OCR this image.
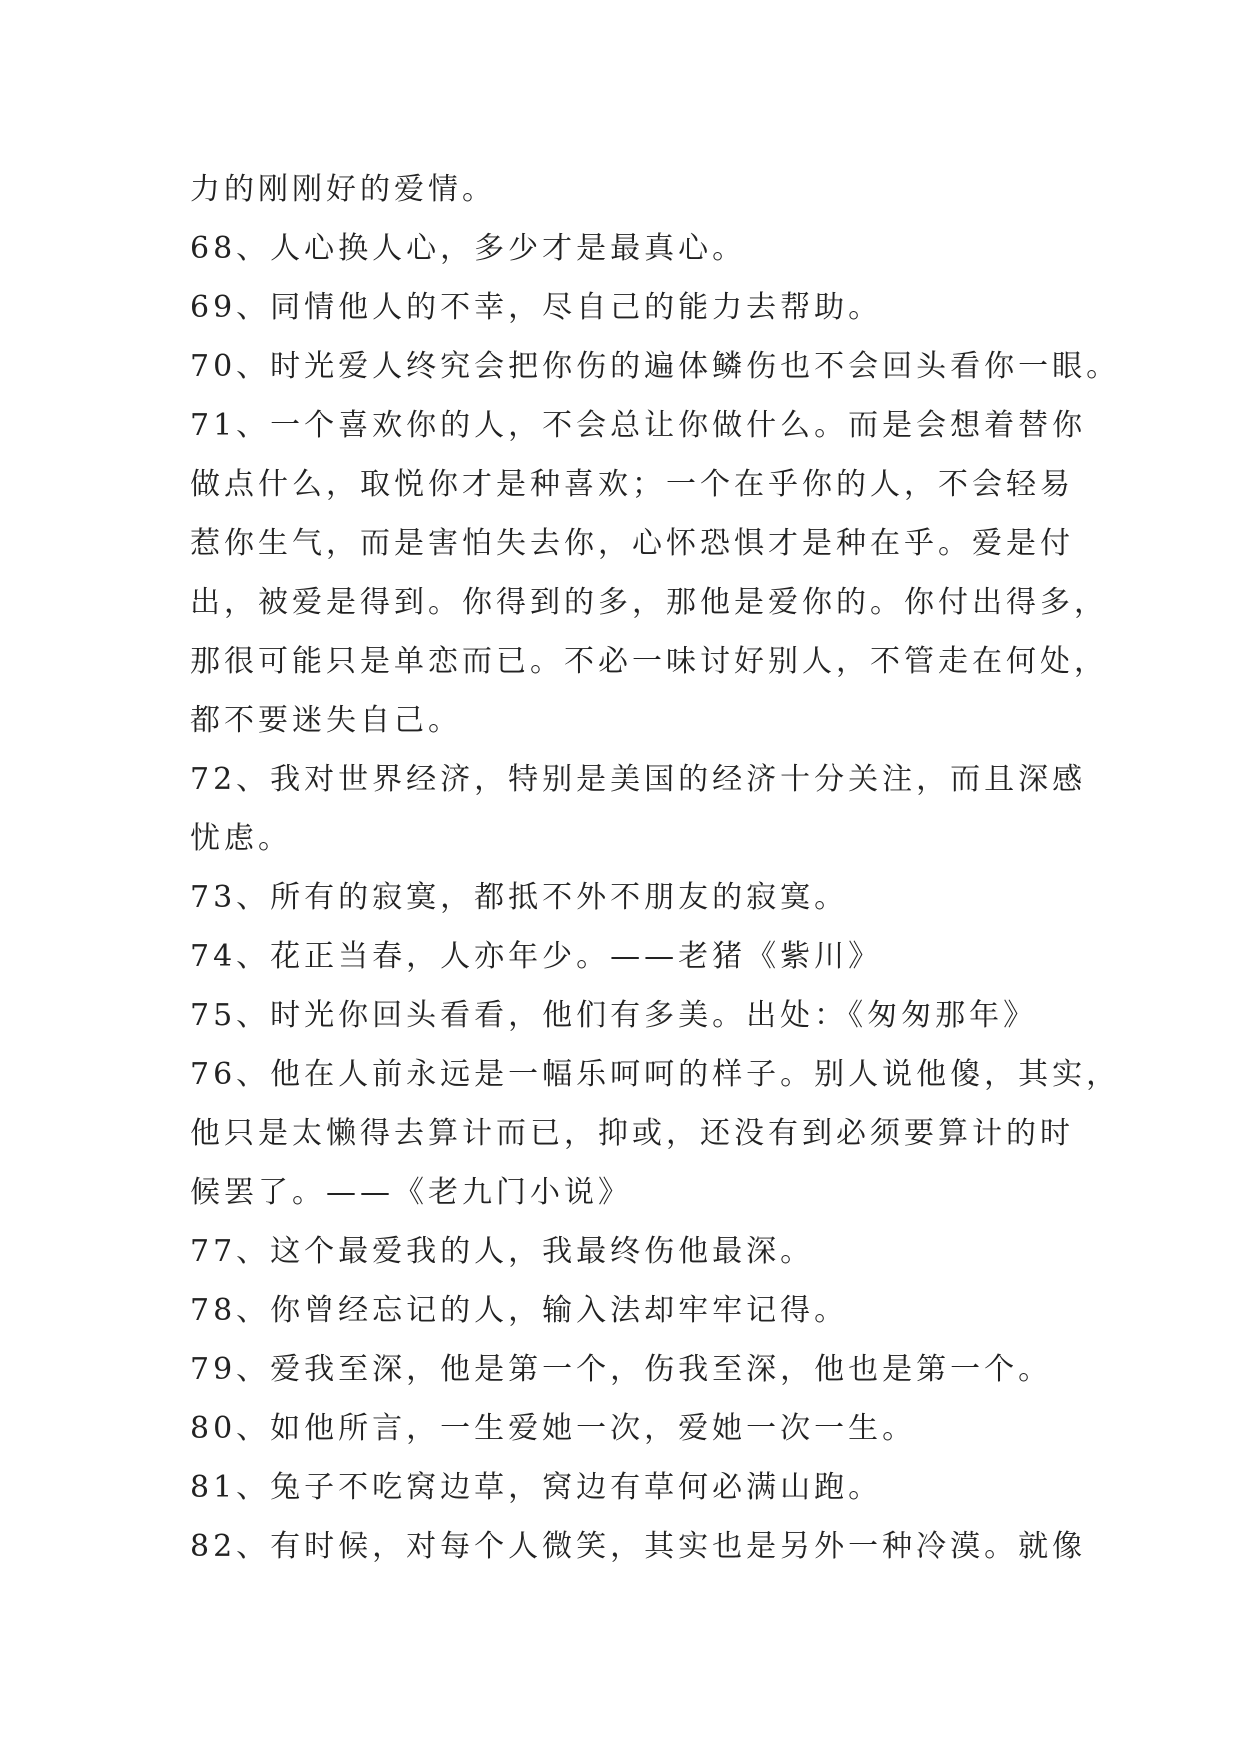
力的刚刚好的爱情。
68、人心换人心，多少才是最真心。
69、同情他人的不幸，尽自己的能力去帮助。
70、时光爱人终究会把你伤的遍体鳞伤也不会回头看你一眼。
71、一个喜欢你的人，不会总让你做什么。而是会想着替你
做点什么，取悦你才是种喜欢；一个在乎你的人，不会轻易
惹你生气，而是害怕失去你，心怀恐惧才是种在乎。爱是付
出，被爱是得到。你得到的多，那他是爱你的。你付出得多，
那很可能只是单恋而已。不必一味讨好别人，不管走在何处，
都不要迷失自己。
72、我对世界经济，特别是美国的经济十分关注，而且深感
忧虑。
73、所有的寂寞，都抵不外不朋友的寂寞。
74、花正当春，人亦年少。——老猪《紫川》
75、时光你回头看看，他们有多美。出处：《匆匆那年》
76、他在人前永远是一幅乐呵呵的样子。别人说他傻，其实，
他只是太懒得去算计而已，抑或，还没有到必须要算计的时
候罢了。——《老九门小说》
77、这个最爱我的人，我最终伤他最深。
78、你曾经忘记的人，输入法却牢牢记得。
79、爱我至深，他是第一个，伤我至深，他也是第一个。
80、如他所言，一生爱她一次，爱她一次一生。
81、兔子不吃窝边草，窝边有草何必满山跑。
82、有时候，对每个人微笑，其实也是另外一种冷漠。就像
